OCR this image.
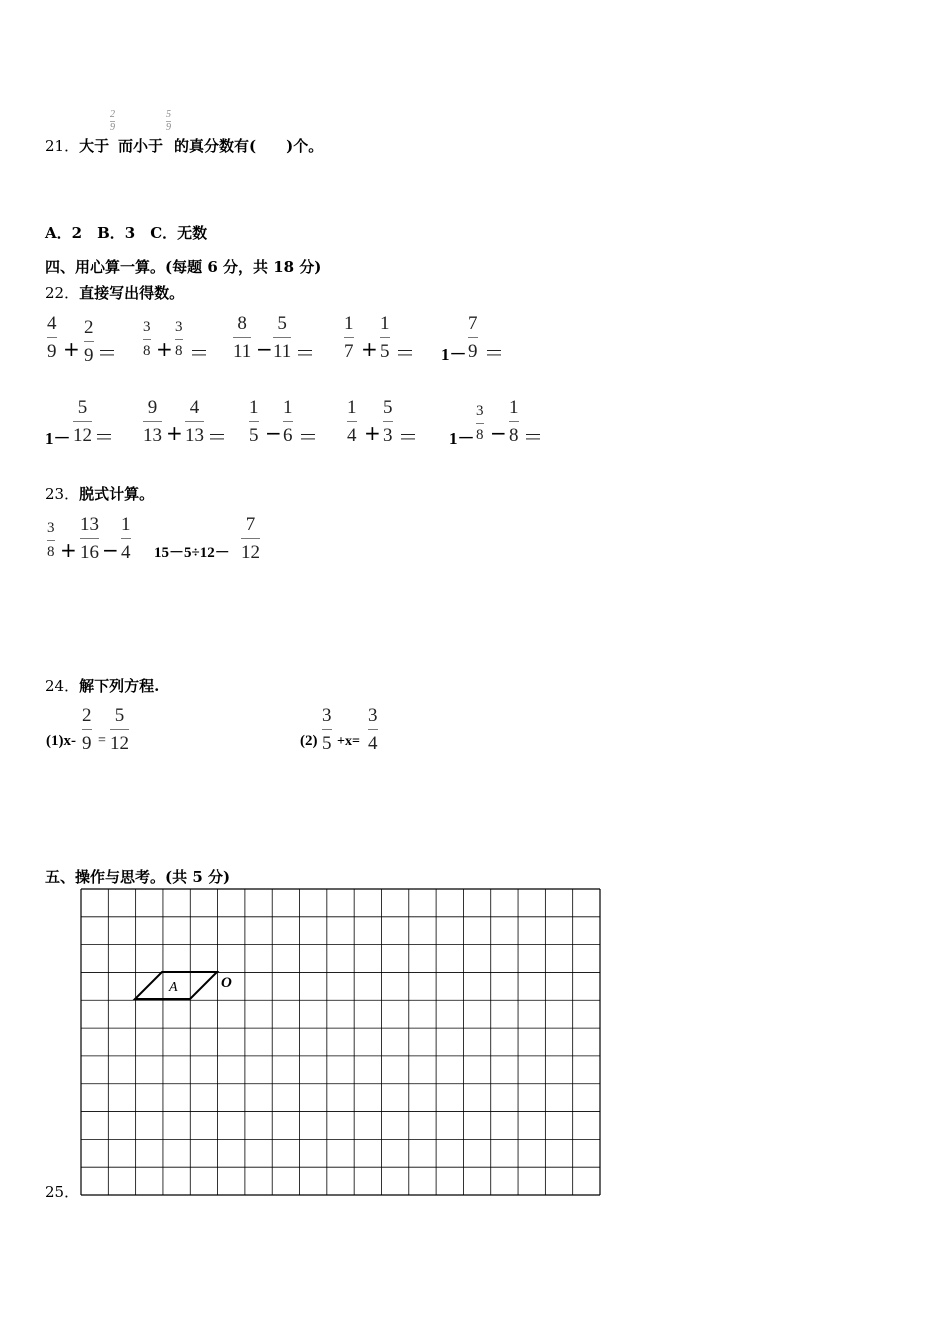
21．大于
2
9
而小于
5
9
的真分数有(　　)个。
A．2　B．3　C．无数
四、用心算一算。(每题 6 分，共 18 分)
22．直接写出得数。
4
9 +
2
9 ＝
3
8 +
3
8 ＝
8
11 −
5
11 ＝
1
7 +
1
5 ＝ 1－
7
9 ＝
1－
5
12 ＝
9
13 +
4
13 ＝
1
5 −
1
6 ＝
1
4 +
5
3 ＝ 1－
3
8 −
1
8 ＝
23．脱式计算。
3
8 +
13
16 −
1
4 15－5÷12－
7
12
24．解下列方程.
(1)x-
2
9 =
5
12	(2)
3
5 +x=
3
4
五、操作与思考。(共 5 分)
25．
A	O
